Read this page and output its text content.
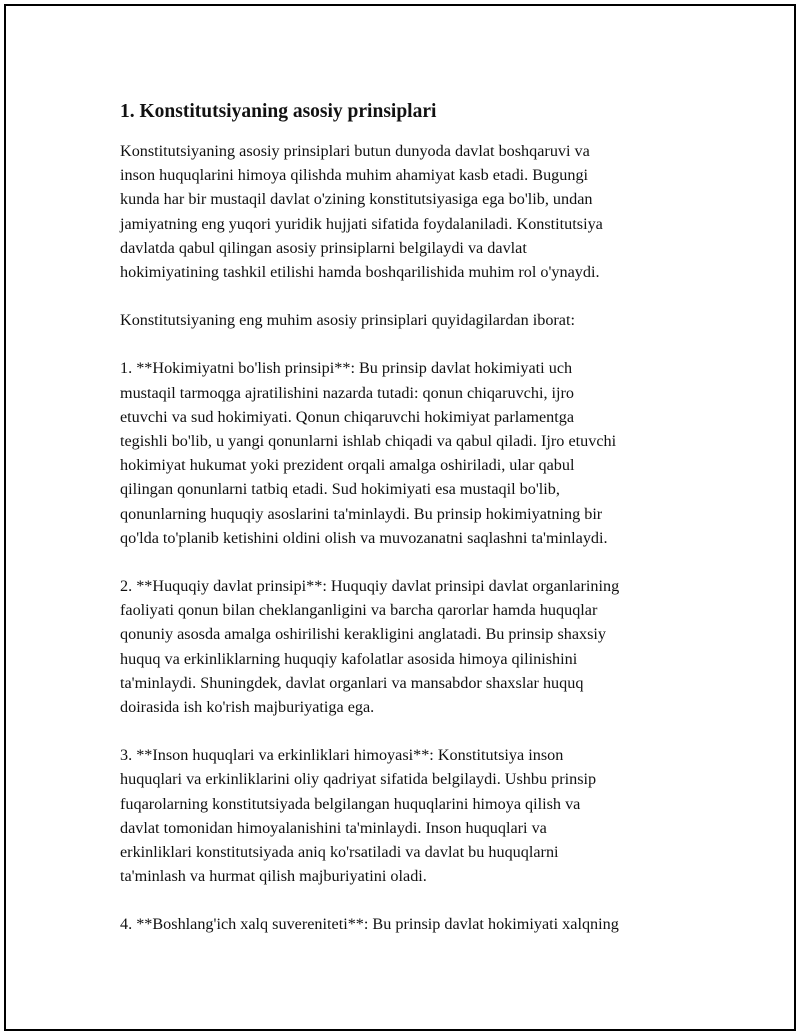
1. Konstitutsiyaning asosiy prinsiplari
Konstitutsiyaning asosiy prinsiplari butun dunyoda davlat boshqaruvi va
inson huquqlarini himoya qilishda muhim ahamiyat kasb etadi. Bugungi
kunda har bir mustaqil davlat o'zining konstitutsiyasiga ega bo'lib, undan
jamiyatning eng yuqori yuridik hujjati sifatida foydalaniladi. Konstitutsiya
davlatda qabul qilingan asosiy prinsiplarni belgilaydi va davlat
hokimiyatining tashkil etilishi hamda boshqarilishida muhim rol o'ynaydi.
Konstitutsiyaning eng muhim asosiy prinsiplari quyidagilardan iborat:
1. **Hokimiyatni bo'lish prinsipi**: Bu prinsip davlat hokimiyati uch
mustaqil tarmoqga ajratilishini nazarda tutadi: qonun chiqaruvchi, ijro
etuvchi va sud hokimiyati. Qonun chiqaruvchi hokimiyat parlamentga
tegishli bo'lib, u yangi qonunlarni ishlab chiqadi va qabul qiladi. Ijro etuvchi
hokimiyat hukumat yoki prezident orqali amalga oshiriladi, ular qabul
qilingan qonunlarni tatbiq etadi. Sud hokimiyati esa mustaqil bo'lib,
qonunlarning huquqiy asoslarini ta'minlaydi. Bu prinsip hokimiyatning bir
qo'lda to'planib ketishini oldini olish va muvozanatni saqlashni ta'minlaydi.
2. **Huquqiy davlat prinsipi**: Huquqiy davlat prinsipi davlat organlarining
faoliyati qonun bilan cheklanganligini va barcha qarorlar hamda huquqlar
qonuniy asosda amalga oshirilishi kerakligini anglatadi. Bu prinsip shaxsiy
huquq va erkinliklarning huquqiy kafolatlar asosida himoya qilinishini
ta'minlaydi. Shuningdek, davlat organlari va mansabdor shaxslar huquq
doirasida ish ko'rish majburiyatiga ega.
3. **Inson huquqlari va erkinliklari himoyasi**: Konstitutsiya inson
huquqlari va erkinliklarini oliy qadriyat sifatida belgilaydi. Ushbu prinsip
fuqarolarning konstitutsiyada belgilangan huquqlarini himoya qilish va
davlat tomonidan himoyalanishini ta'minlaydi. Inson huquqlari va
erkinliklari konstitutsiyada aniq ko'rsatiladi va davlat bu huquqlarni
ta'minlash va hurmat qilish majburiyatini oladi.
4. **Boshlang'ich xalq suvereniteti**: Bu prinsip davlat hokimiyati xalqning
